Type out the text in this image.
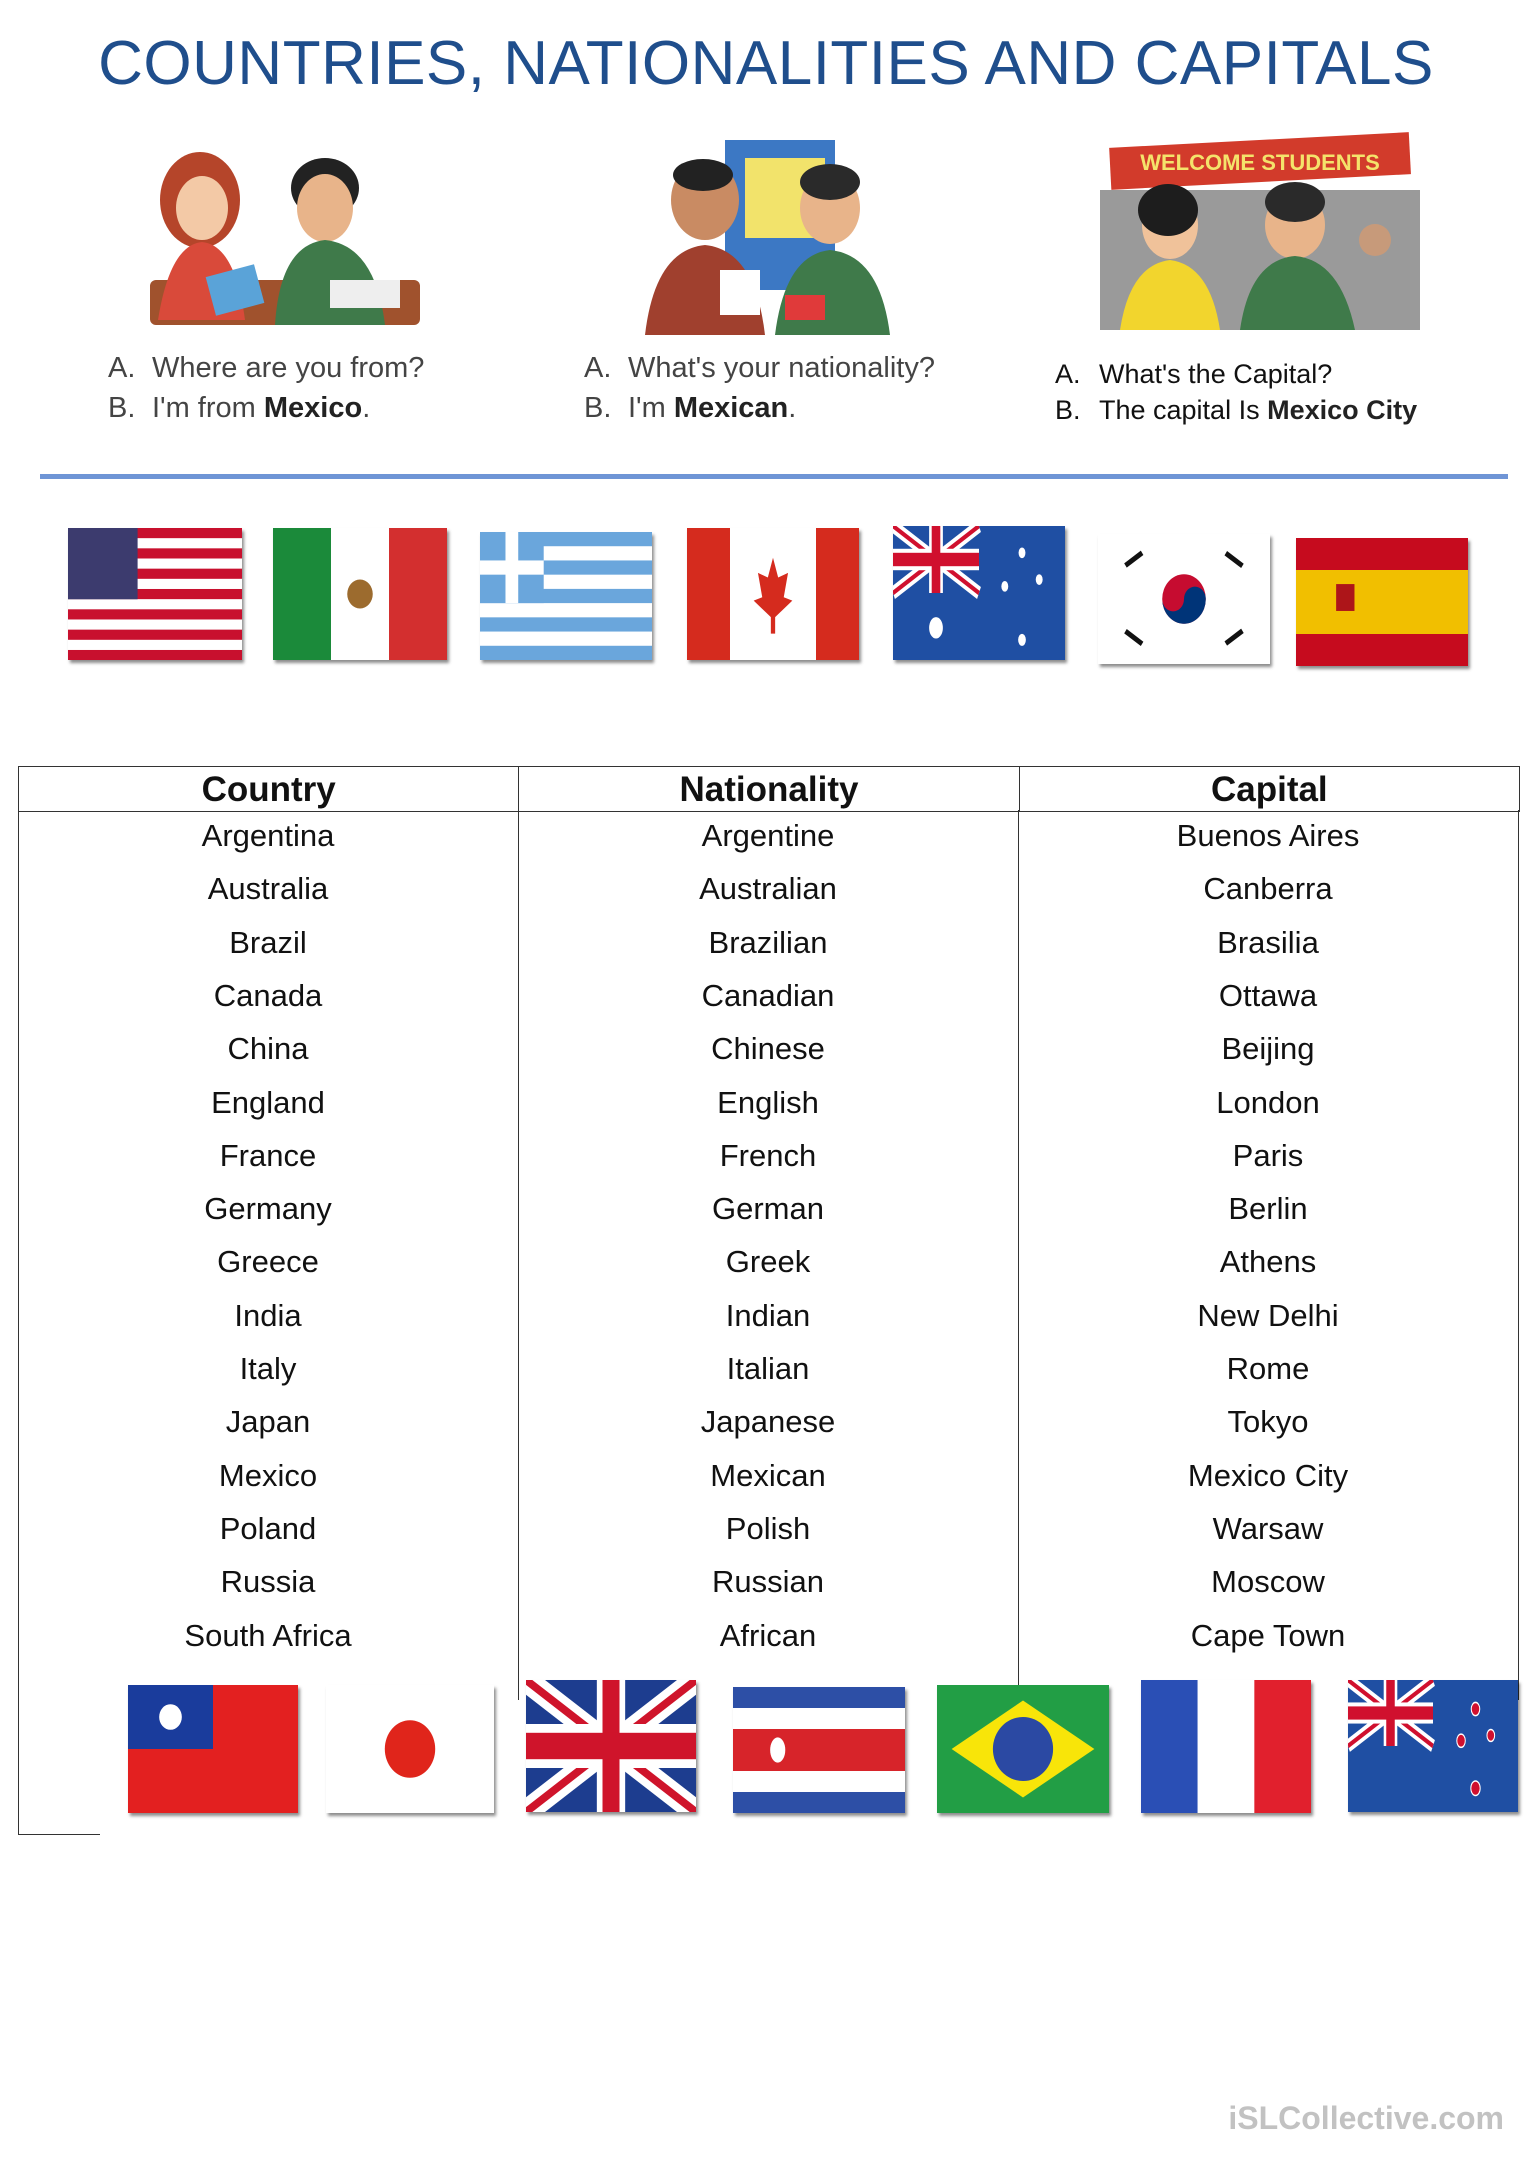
COUNTRIES, NATIONALITIES AND CAPITALS
A. Where are you from?
B. I'm from Mexico.
A. What's your nationality?
B. I'm Mexican.
WELCOME STUDENTS
A. What's the Capital?
B. The capital Is Mexico City
Country	Nationality	Capital
Argentina	Argentine	Buenos Aires
Australia	Australian	Canberra
Brazil	Brazilian	Brasilia
Canada	Canadian	Ottawa
China	Chinese	Beijing
England	English	London
France	French	Paris
Germany	German	Berlin
Greece	Greek	Athens
India	Indian	New Delhi
Italy	Italian	Rome
Japan	Japanese	Tokyo
Mexico	Mexican	Mexico City
Poland	Polish	Warsaw
Russia	Russian	Moscow
South Africa	African	Cape Town
iSLCollective.com
